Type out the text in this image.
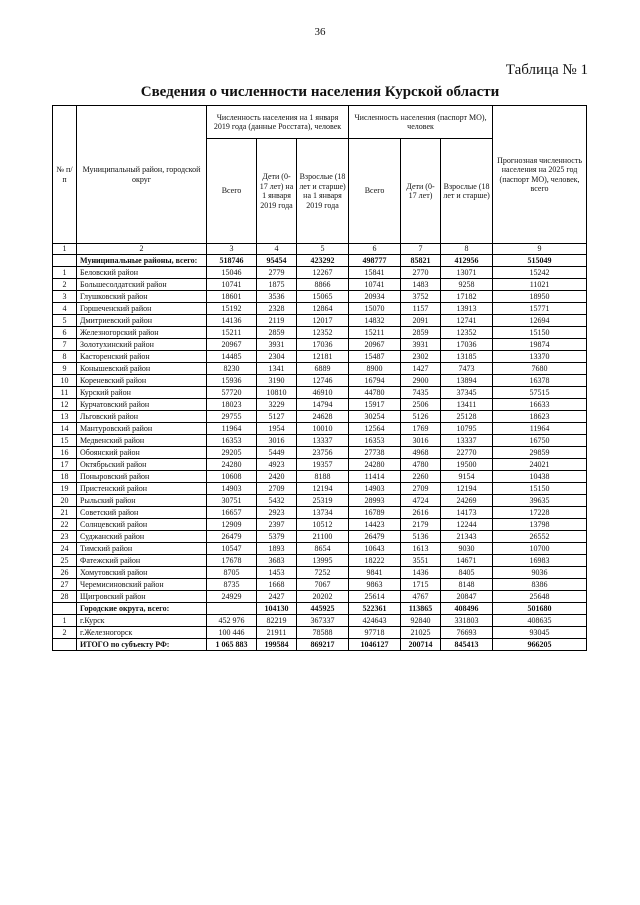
36
Таблица № 1
Сведения о численности населения Курской области
№ п/п	Муниципальный район, городской округ	Численность населения на 1 января 2019 года (данные Росстата), человек			Численность населения (паспорт МО), человек			Прогнозная численность населения на 2025 год (паспорт МО), человек, всего
		Всего	Дети (0-17 лет) на 1 января 2019 года	Взрослые (18 лет и старше) на 1 января 2019 года	Всего	Дети (0-17 лет)	Взрослые (18 лет и старше)	
1	2	3	4	5	6	7	8	9
	Муниципальные районы, всего:	518746	95454	423292	498777	85821	412956	515049
1	Беловский район	15046	2779	12267	15841	2770	13071	15242
2	Большесолдатский район	10741	1875	8866	10741	1483	9258	11021
3	Глушковский район	18601	3536	15065	20934	3752	17182	18950
4	Горшеченский район	15192	2328	12864	15070	1157	13913	15771
5	Дмитриевский район	14136	2119	12017	14832	2091	12741	12694
6	Железногорский район	15211	2859	12352	15211	2859	12352	15150
7	Золотухинский район	20967	3931	17036	20967	3931	17036	19874
8	Касторенский район	14485	2304	12181	15487	2302	13185	13370
9	Конышевский район	8230	1341	6889	8900	1427	7473	7680
10	Кореневский район	15936	3190	12746	16794	2900	13894	16378
11	Курский район	57720	10810	46910	44780	7435	37345	57515
12	Курчатовский район	18023	3229	14794	15917	2506	13411	16633
13	Льговский район	29755	5127	24628	30254	5126	25128	18623
14	Мантуровский район	11964	1954	10010	12564	1769	10795	11964
15	Медвенский район	16353	3016	13337	16353	3016	13337	16750
16	Обоянский район	29205	5449	23756	27738	4968	22770	29859
17	Октябрьский район	24280	4923	19357	24280	4780	19500	24021
18	Поныровский район	10608	2420	8188	11414	2260	9154	10438
19	Пристенский район	14903	2709	12194	14903	2709	12194	15150
20	Рыльский район	30751	5432	25319	28993	4724	24269	39635
21	Советский район	16657	2923	13734	16789	2616	14173	17228
22	Солнцевский район	12909	2397	10512	14423	2179	12244	13798
23	Суджанский район	26479	5379	21100	26479	5136	21343	26552
24	Тимский район	10547	1893	8654	10643	1613	9030	10700
25	Фатежский район	17678	3683	13995	18222	3551	14671	16983
26	Хомутовский район	8705	1453	7252	9841	1436	8405	9036
27	Черемисиновский район	8735	1668	7067	9863	1715	8148	8386
28	Щигровский район	24929	2427	20202	25614	4767	20847	25648
	Городские округа, всего:		104130	445925	522361	113865	408496	501680
1	г.Курск	452 976	82219	367337	424643	92840	331803	408635
2	г.Железногорск	100 446	21911	78588	97718	21025	76693	93045
	ИТОГО по субъекту РФ:	1 065 883	199584	869217	1046127	200714	845413	966205
